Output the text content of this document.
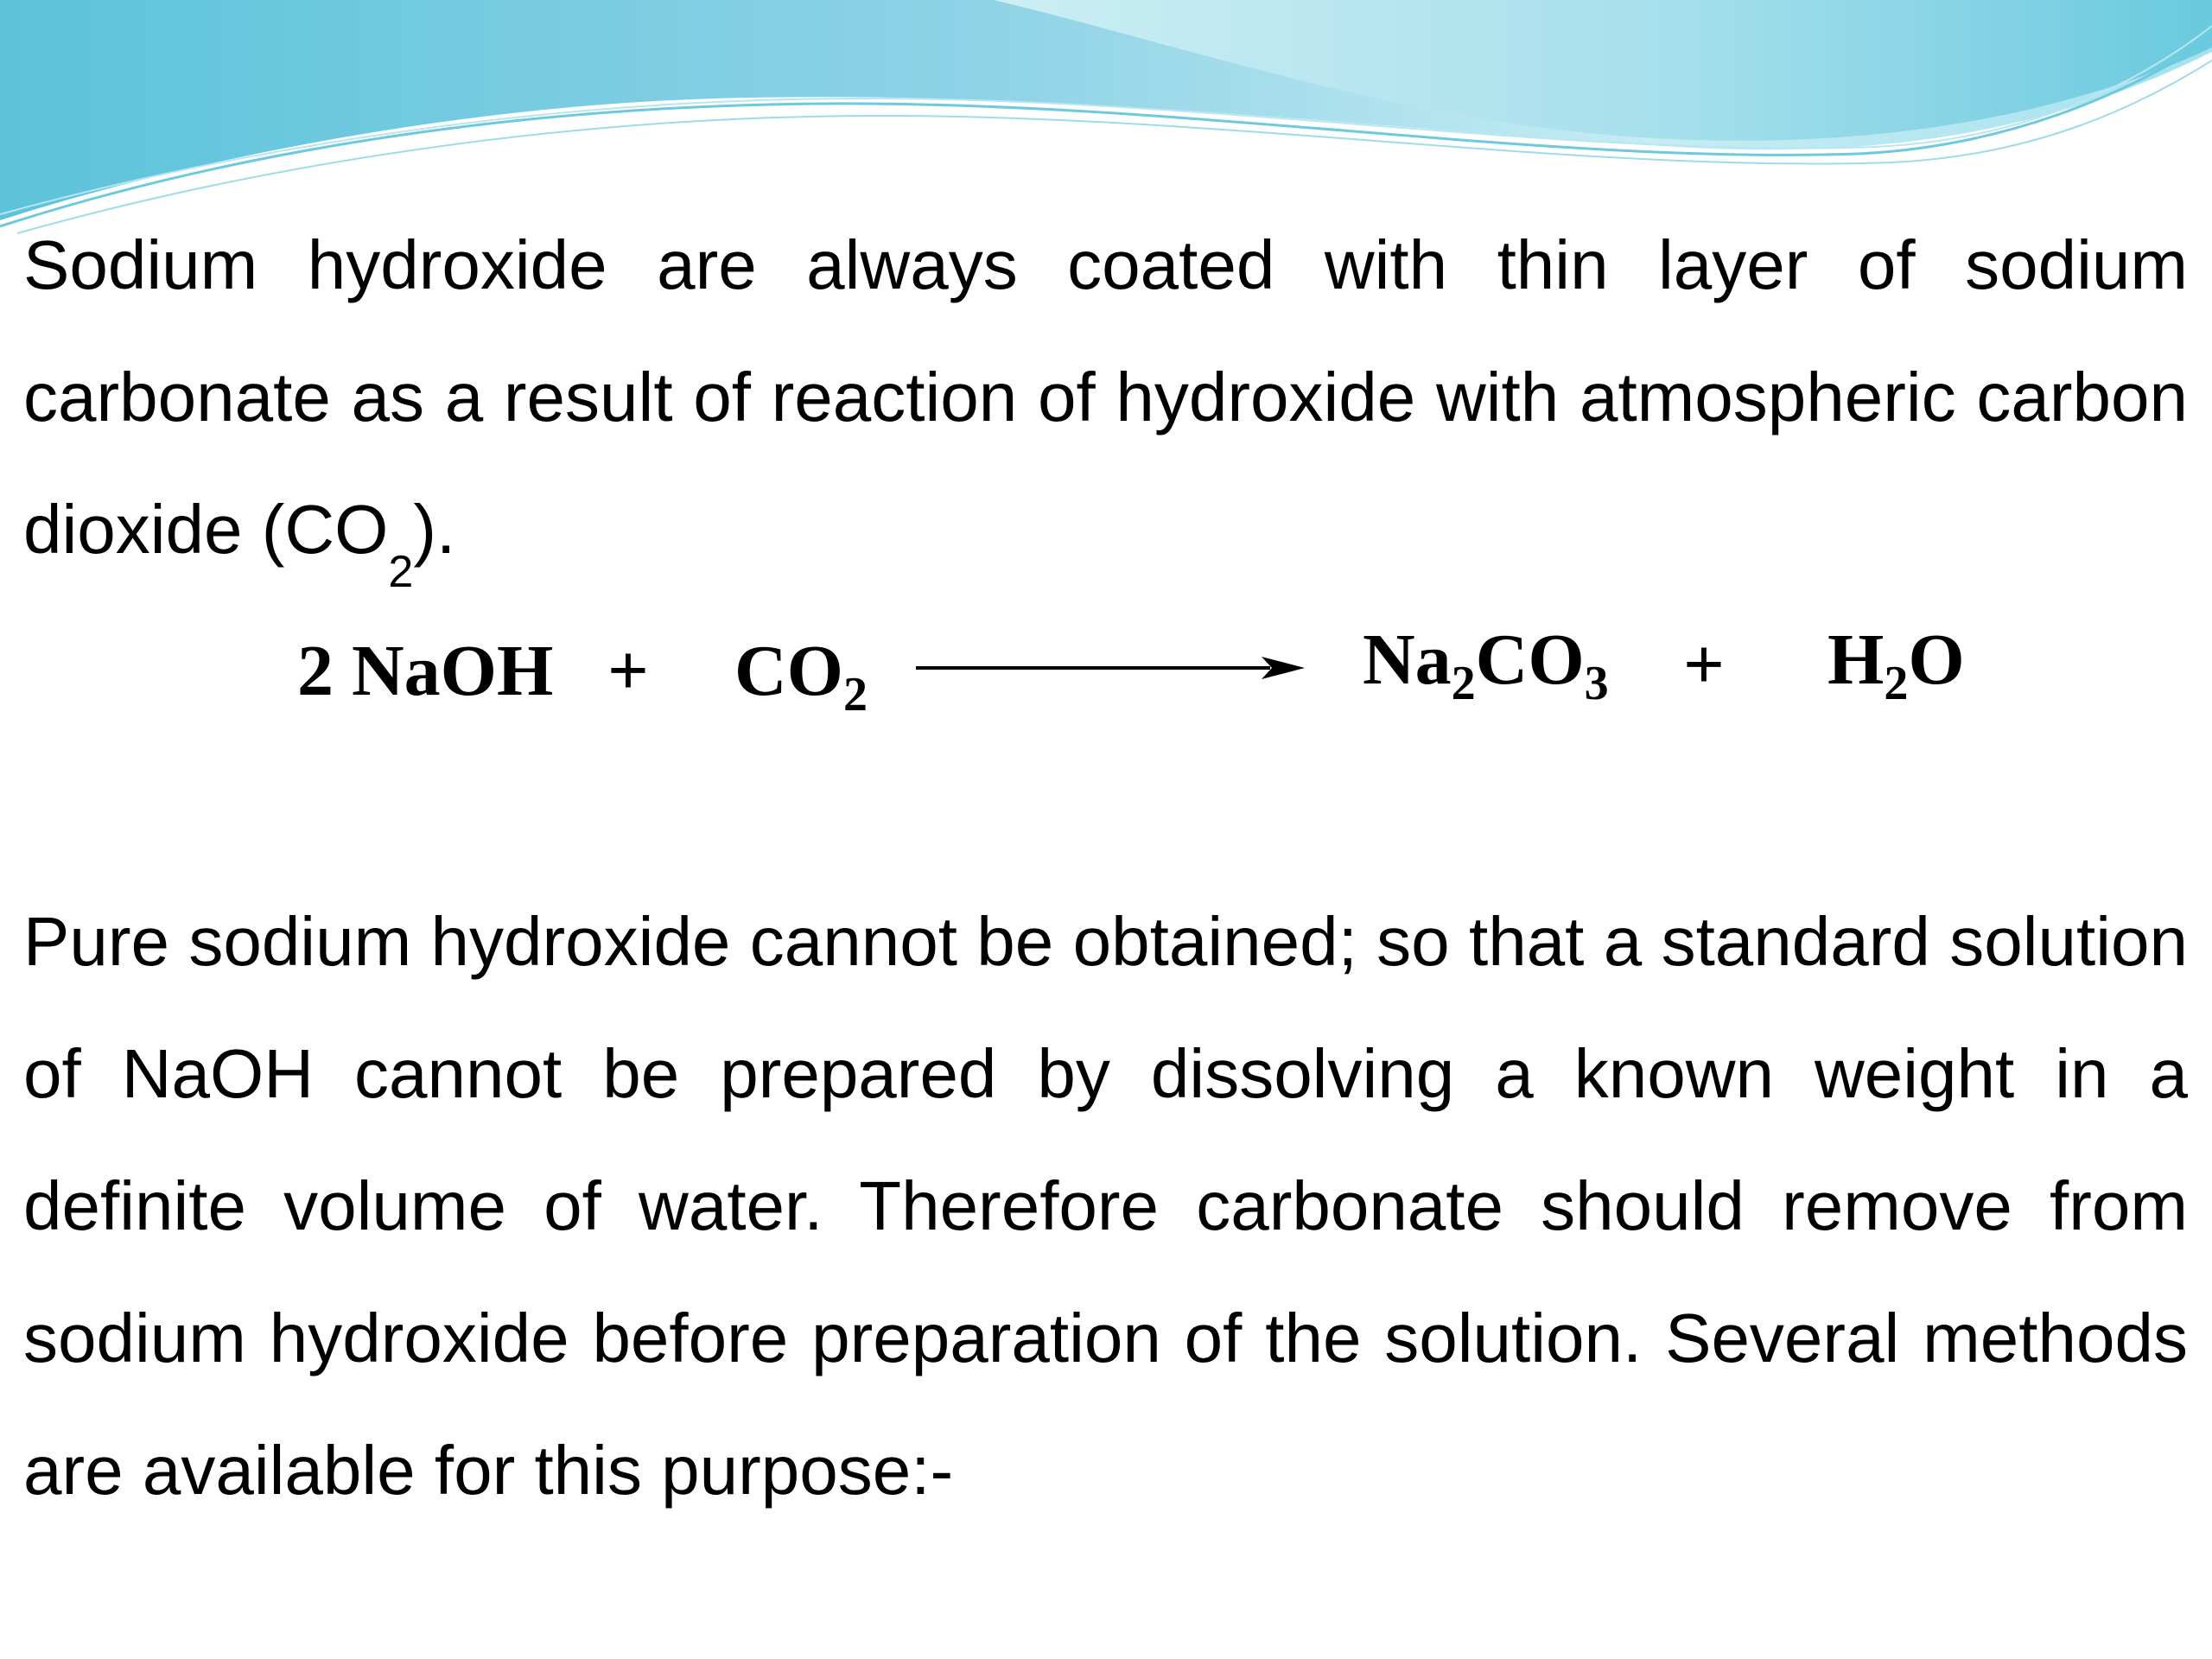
Sodium hydroxide are always coated with thin layer of sodium carbonate as a result of reaction of hydroxide with atmospheric carbon dioxide $(CO_2)$.

2 NaOH + $CO_2$	$Na_2CO_3 + H_2O$

Pure sodium hydroxide cannot be obtained; so that a standard solution of NaOH cannot be prepared by dissolving a known weight in a definite volume of water. Therefore carbonate should remove from sodium hydroxide before preparation of the solution. Several methods are available for this purpose:-
